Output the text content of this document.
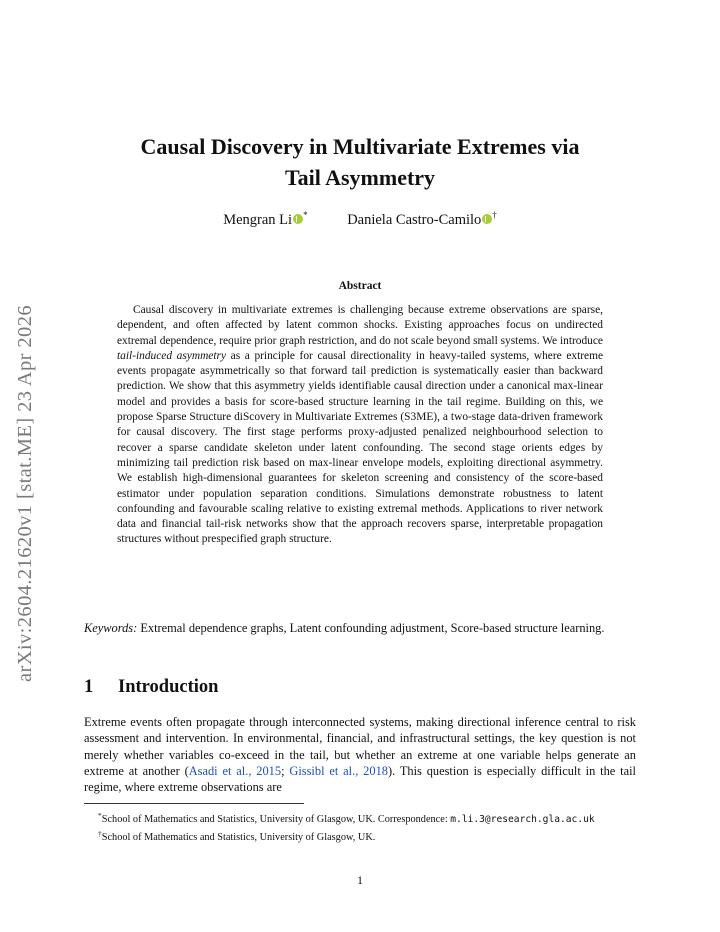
arXiv:2604.21620v1 [stat.ME] 23 Apr 2026
Causal Discovery in Multivariate Extremes via
Tail Asymmetry
Mengran Li *	Daniela Castro-Camilo †
Abstract

Causal discovery in multivariate extremes is challenging because extreme observations are sparse, dependent, and often affected by latent common shocks. Existing approaches focus on undirected extremal dependence, require prior graph restriction, and do not scale beyond small systems. We introduce tail-induced asymmetry as a principle for causal directionality in heavy-tailed systems, where extreme events propagate asymmetrically so that forward tail prediction is systematically easier than backward prediction. We show that this asymmetry yields identifiable causal direction under a canonical max-linear model and provides a basis for score-based structure learning in the tail regime. Building on this, we propose Sparse Structure diScovery in Multivariate Extremes (S3ME), a two-stage data-driven framework for causal discovery. The first stage performs proxy-adjusted penalized neighbourhood selection to recover a sparse candidate skeleton under latent confounding. The second stage orients edges by minimizing tail prediction risk based on max-linear envelope models, exploiting directional asymmetry. We establish high-dimensional guarantees for skeleton screening and consistency of the score-based estimator under population separation conditions. Simulations demonstrate robustness to latent confounding and favourable scaling relative to existing extremal methods. Applications to river network data and financial tail-risk networks show that the approach recovers sparse, interpretable propagation structures without prespecified graph structure.

Keywords: Extremal dependence graphs, Latent confounding adjustment, Score-based structure learning.
1 Introduction
Extreme events often propagate through interconnected systems, making directional inference central to risk assessment and intervention. In environmental, financial, and infrastructural settings, the key question is not merely whether variables co-exceed in the tail, but whether an extreme at one variable helps generate an extreme at another (Asadi et al., 2015; Gissibl et al., 2018). This question is especially difficult in the tail regime, where extreme observations are

*School of Mathematics and Statistics, University of Glasgow, UK. Correspondence: m.li.3@research.gla.ac.uk

†School of Mathematics and Statistics, University of Glasgow, UK.

1
